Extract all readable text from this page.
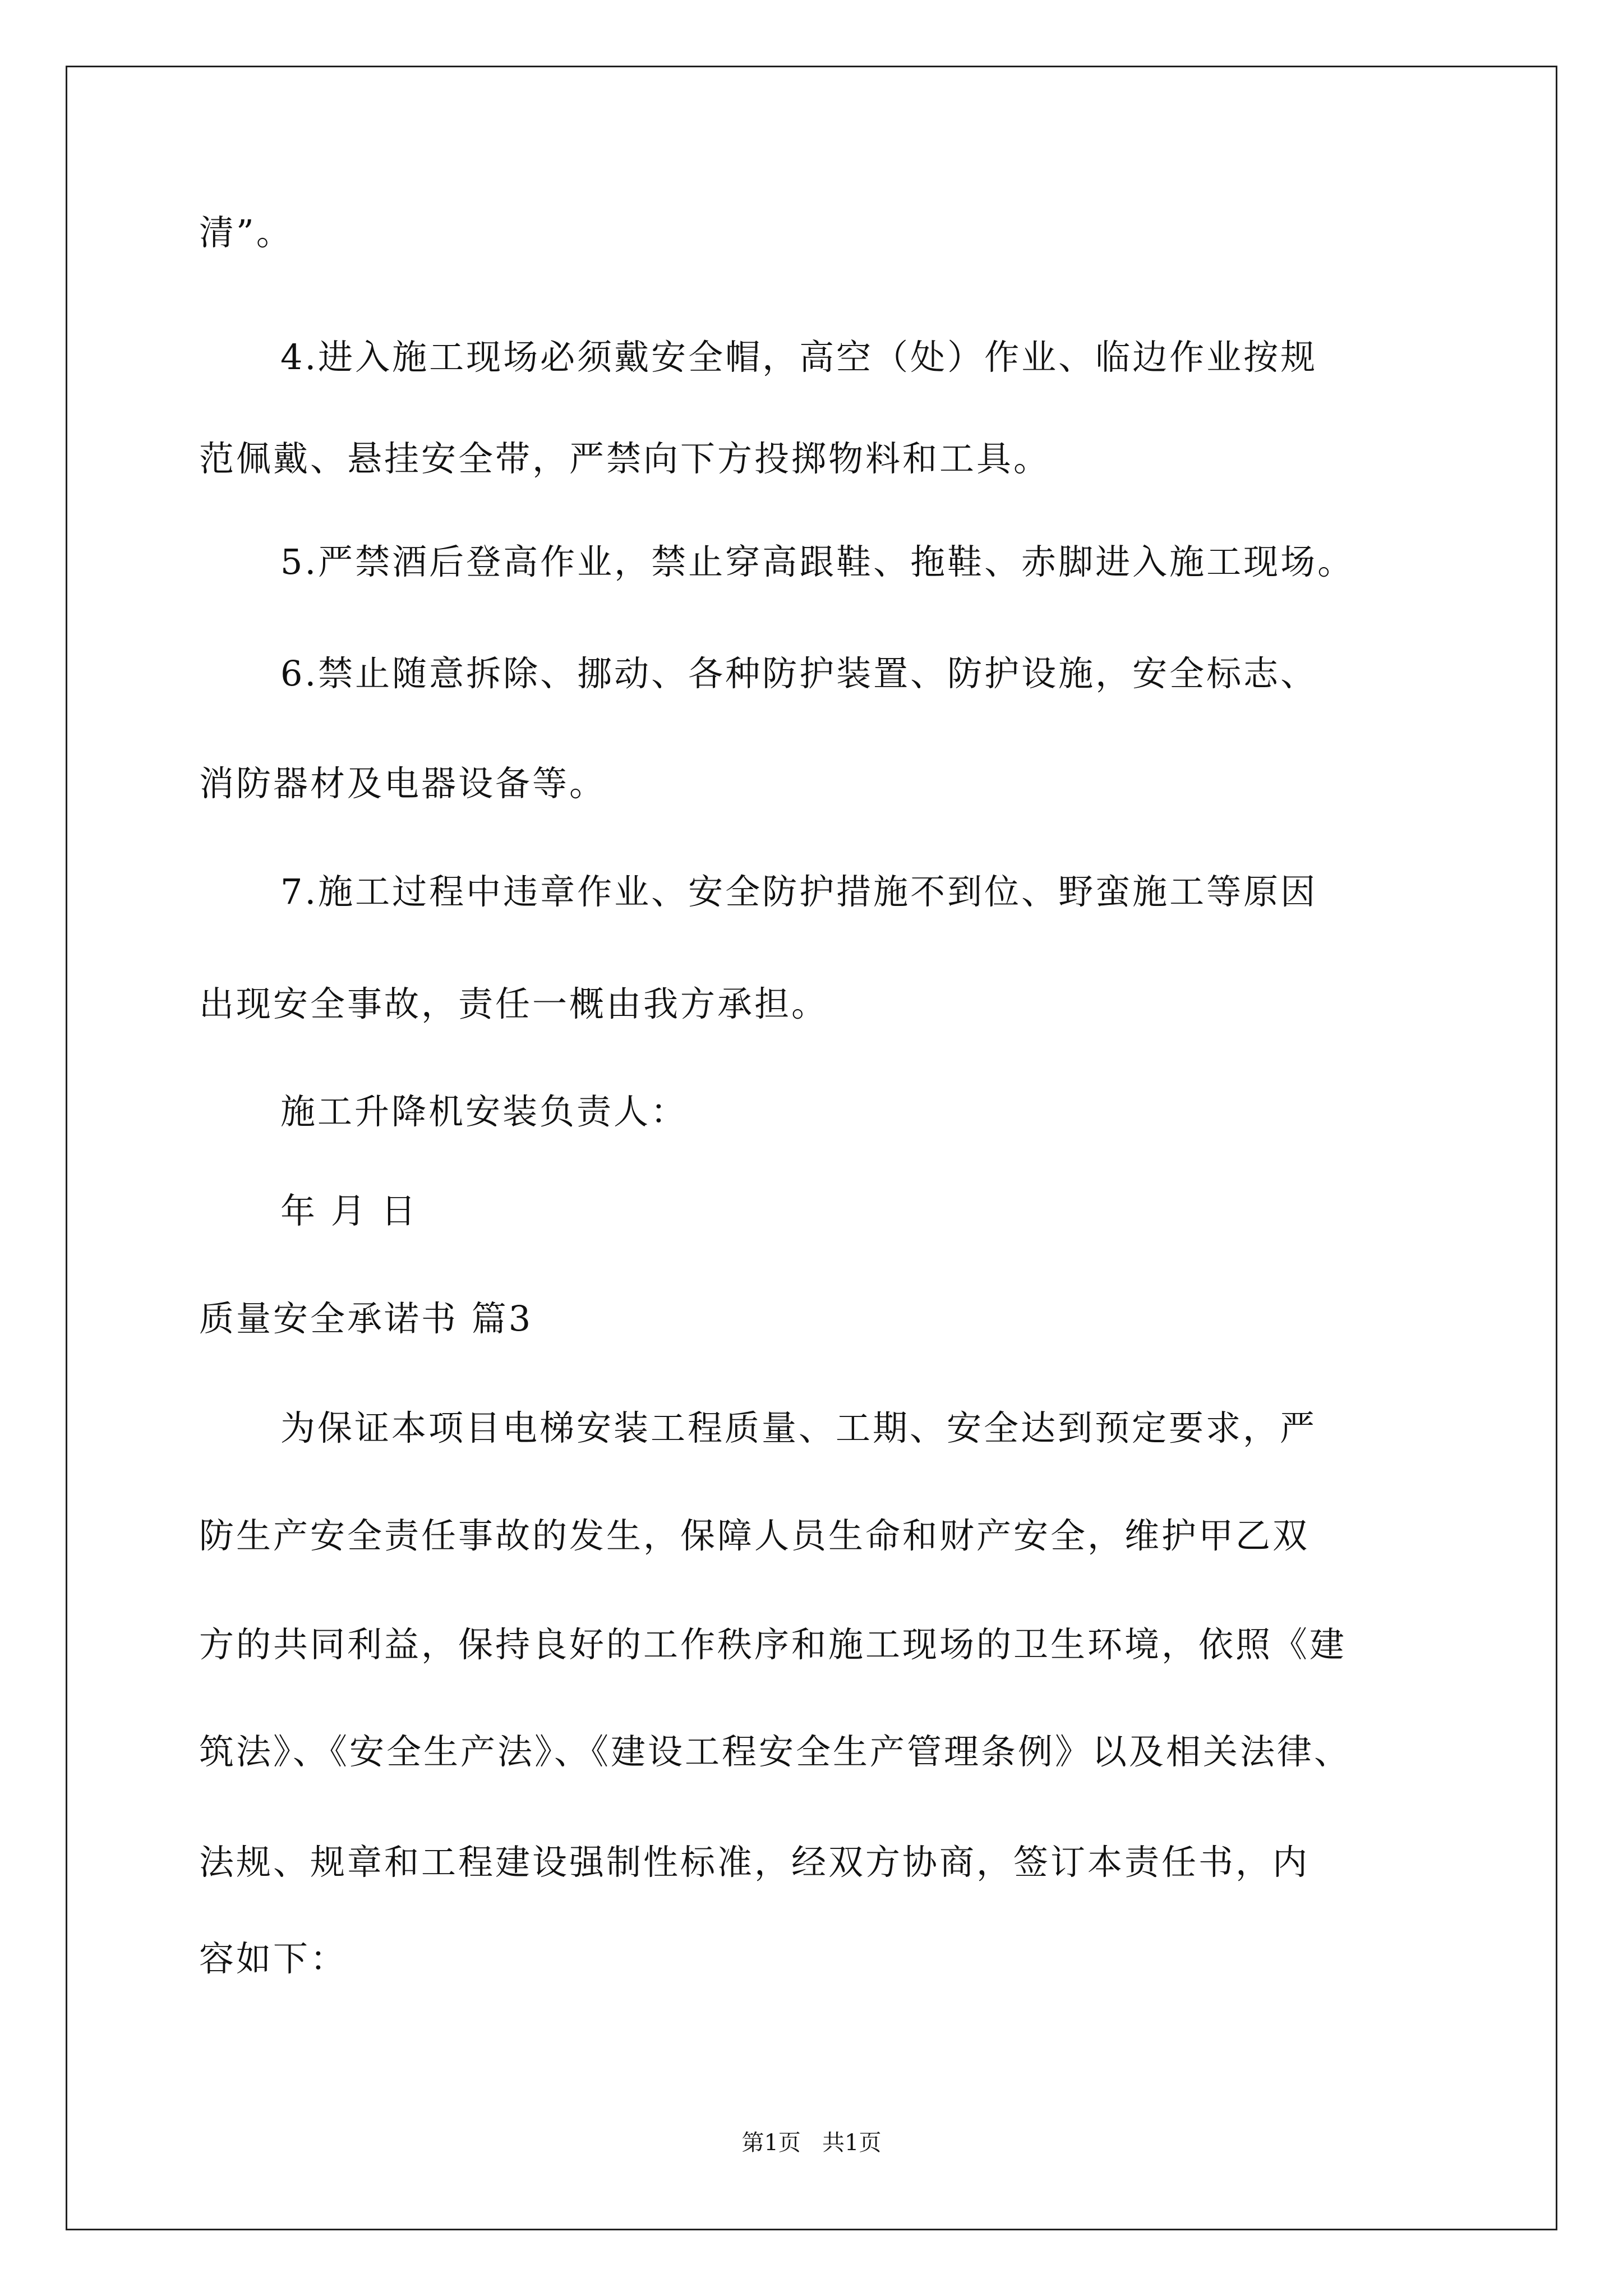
清”。
4.进入施工现场必须戴安全帽，高空（处）作业、临边作业按规
范佩戴、悬挂安全带，严禁向下方投掷物料和工具。
5.严禁酒后登高作业，禁止穿高跟鞋、拖鞋、赤脚进入施工现场。
6.禁止随意拆除、挪动、各种防护装置、防护设施，安全标志、
消防器材及电器设备等。
7.施工过程中违章作业、安全防护措施不到位、野蛮施工等原因
出现安全事故，责任一概由我方承担。
施工升降机安装负责人：
年 月 日
质量安全承诺书 篇3
为保证本项目电梯安装工程质量、工期、安全达到预定要求，严
防生产安全责任事故的发生，保障人员生命和财产安全，维护甲乙双
方的共同利益，保持良好的工作秩序和施工现场的卫生环境，依照《建
筑法》、《安全生产法》、《建设工程安全生产管理条例》以及相关法律、
法规、规章和工程建设强制性标准，经双方协商，签订本责任书，内
容如下：
第1页   共1页
